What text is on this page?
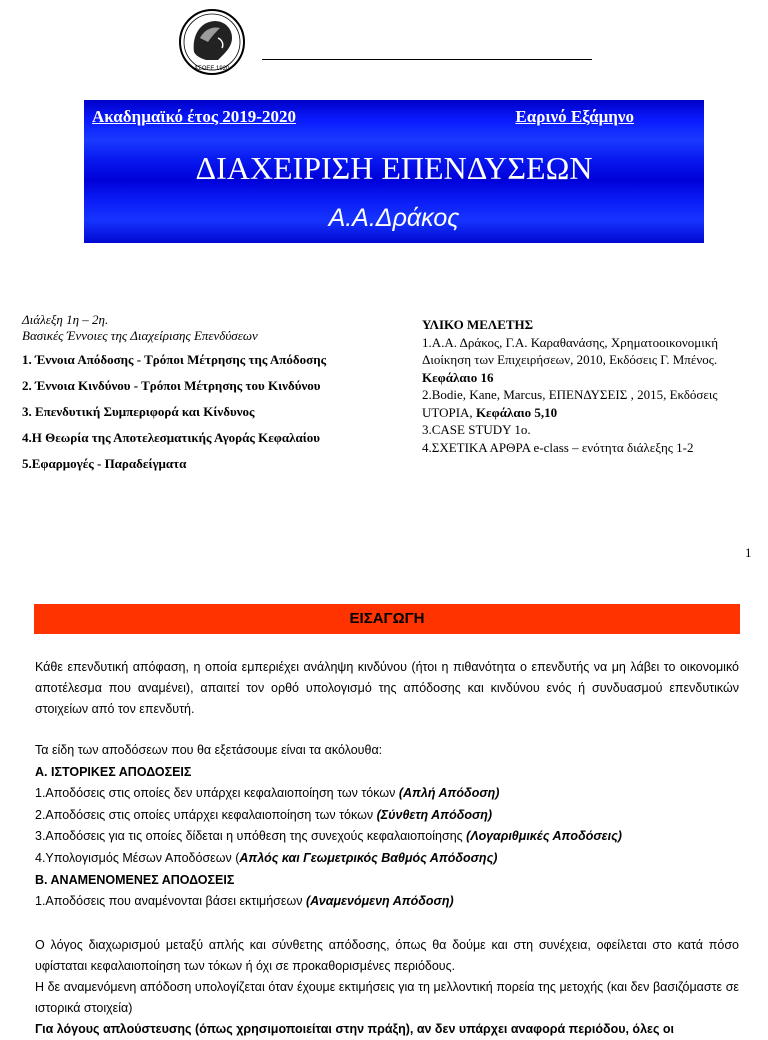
ΑΣΟΕΕ 1920
Ακαδημαϊκό έτος 2019-2020	Εαρινό Εξάμηνο
ΔΙΑΧΕΙΡΙΣΗ ΕΠΕΝΔΥΣΕΩΝ
Α.Α.Δράκος
Διάλεξη 1η – 2η.
Βασικές Έννοιες της Διαχείρισης Επενδύσεων
1. Έννοια Απόδοσης - Τρόποι Μέτρησης της Απόδοσης
2. Έννοια Κινδύνου - Τρόποι Μέτρησης του Κινδύνου
3. Επενδυτική Συμπεριφορά και Κίνδυνος
4.Η Θεωρία της Αποτελεσματικής Αγοράς Κεφαλαίου
5.Εφαρμογές - Παραδείγματα
ΥΛΙΚΟ ΜΕΛΕΤΗΣ
1.Α.Α. Δράκος, Γ.Α. Καραθανάσης, Χρηματοοικονομική Διοίκηση των Επιχειρήσεων, 2010, Εκδόσεις Γ. Μπένος.  Κεφάλαιο 16
2.Bodie, Kane, Marcus, ΕΠΕΝΔΥΣΕΙΣ , 2015, Εκδόσεις UTOPIA, Κεφάλαιο 5,10
3.CASE STUDY 1o.
4.ΣΧΕΤΙΚΑ ΑΡΘΡΑ e-class – ενότητα διάλεξης 1-2
1
ΕΙΣΑΓΩΓΗ

Κάθε επενδυτική απόφαση, η οποία εμπεριέχει ανάληψη κινδύνου (ήτοι η πιθανότητα ο επενδυτής να μη λάβει το οικονομικό αποτέλεσμα που αναμένει), απαιτεί τον ορθό υπολογισμό της απόδοσης και κινδύνου ενός ή συνδυασμού επενδυτικών στοιχείων από τον επενδυτή.

Τα είδη των αποδόσεων που θα εξετάσουμε είναι τα ακόλουθα:

Α. ΙΣΤΟΡΙΚΕΣ ΑΠΟΔΟΣΕΙΣ

1.Αποδόσεις στις οποίες δεν υπάρχει κεφαλαιοποίηση των τόκων (Απλή Απόδοση)

2.Αποδόσεις στις οποίες υπάρχει κεφαλαιοποίηση των τόκων (Σύνθετη Απόδοση)

3.Αποδόσεις για τις οποίες δίδεται η υπόθεση της συνεχούς κεφαλαιοποίησης (Λογαριθμικές Αποδόσεις)

4.Υπολογισμός Μέσων Αποδόσεων (Απλός και Γεωμετρικός Βαθμός Απόδοσης)

Β. ΑΝΑΜΕΝΟΜΕΝΕΣ ΑΠΟΔΟΣΕΙΣ

1.Αποδόσεις που αναμένονται βάσει εκτιμήσεων (Αναμενόμενη Απόδοση)

Ο λόγος διαχωρισμού μεταξύ απλής και σύνθετης απόδοσης, όπως θα δούμε και στη συνέχεια, οφείλεται στο κατά πόσο υφίσταται κεφαλαιοποίηση των τόκων ή όχι σε προκαθορισμένες περιόδους.

Η δε αναμενόμενη απόδοση υπολογίζεται όταν έχουμε εκτιμήσεις για τη μελλοντική πορεία της μετοχής (και δεν βασιζόμαστε σε ιστορικά στοιχεία)

Για λόγους απλούστευσης (όπως χρησιμοποιείται στην πράξη), αν δεν υπάρχει αναφορά περιόδου, όλες οι
